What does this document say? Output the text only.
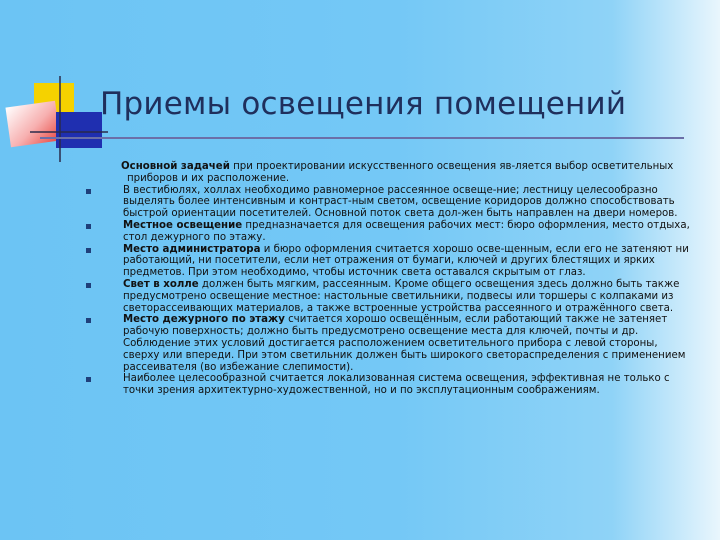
Приемы освещения помещений

Основной задачей при проектировании искусственного освещения яв-ляется выбор осветительных
приборов и их расположение.

В вестибюлях, холлах необходимо равномерное рассеянное освеще-ние; лестницу целесообразно выделять более интенсивным и контраст-ным светом, освещение коридоров должно способствовать быстрой ориентации посетителей. Основной поток света дол-жен быть направлен на двери номеров.
Местное освещение предназначается для освещения рабочих мест: бюро оформления, место отдыха, стол дежурного по этажу.
Место администратора и бюро оформления считается хорошо осве-щенным, если его не затеняют ни работающий, ни посетители, если нет отражения от бумаги, ключей и других блестящих и ярких предметов. При этом необходимо, чтобы источник света оставался скрытым от глаз.
Свет в холле должен быть мягким, рассеянным. Кроме общего освещения здесь должно быть также предусмотрено освещение местное: настольные светильники, подвесы или торшеры с колпаками из светорассеивающих материалов, а также встроенные устройства рассеянного и отражённого света.
Место дежурного по этажу считается хорошо освещённым, если работающий также не затеняет рабочую поверхность; должно быть предусмотрено освещение места для ключей, почты и др. Соблюдение этих условий достигается расположением осветительного прибора с левой стороны, сверху или впереди. При этом светильник должен быть широкого светораспределения с применением рассеивателя (во избежание слепимости).
Наиболее целесообразной считается локализованная система освещения, эффективная не только с точки зрения архитектурно-художественной, но и по эксплутационным соображениям.
